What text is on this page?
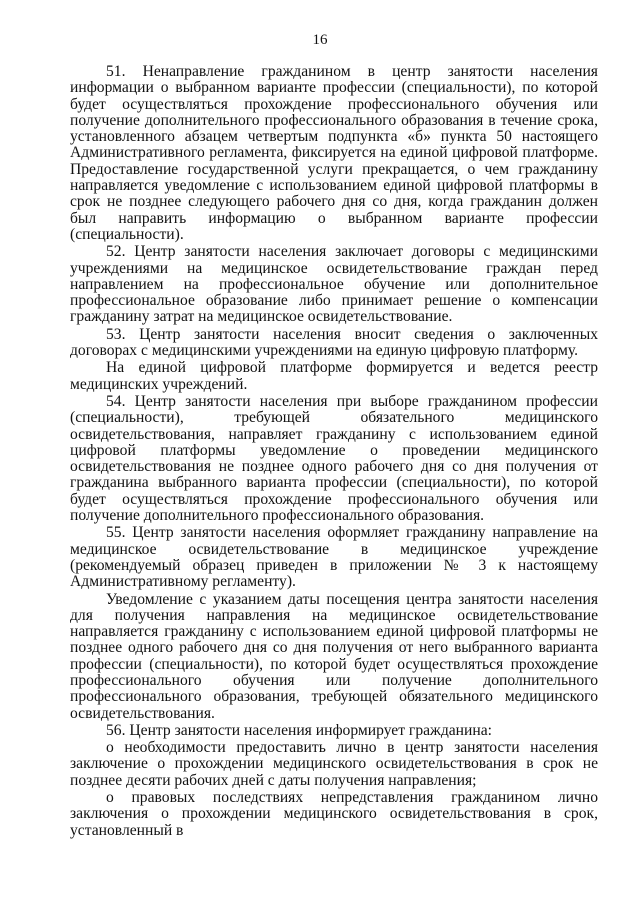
16

51. Ненаправление гражданином в центр занятости населения информации о выбранном варианте профессии (специальности), по которой будет осуществляться прохождение профессионального обучения или получение дополнительного профессионального образования в течение срока, установленного абзацем четвертым подпункта «б» пункта 50 настоящего Административного регламента, фиксируется на единой цифровой платформе. Предоставление государственной услуги прекращается, о чем гражданину направляется уведомление с использованием единой цифровой платформы в срок не позднее следующего рабочего дня со дня, когда гражданин должен был направить информацию о выбранном варианте профессии (специальности).

52. Центр занятости населения заключает договоры с медицинскими учреждениями на медицинское освидетельствование граждан перед направлением на профессиональное обучение или дополнительное профессиональное образование либо принимает решение о компенсации гражданину затрат на медицинское освидетельствование.

53. Центр занятости населения вносит сведения о заключенных договорах с медицинскими учреждениями на единую цифровую платформу.

На единой цифровой платформе формируется и ведется реестр медицинских учреждений.

54. Центр занятости населения при выборе гражданином профессии (специальности), требующей обязательного медицинского освидетельствования, направляет гражданину с использованием единой цифровой платформы уведомление о проведении медицинского освидетельствования не позднее одного рабочего дня со дня получения от гражданина выбранного варианта профессии (специальности), по которой будет осуществляться прохождение профессионального обучения или получение дополнительного профессионального образования.

55. Центр занятости населения оформляет гражданину направление на медицинское освидетельствование в медицинское учреждение (рекомендуемый образец приведен в приложении № 3 к настоящему Административному регламенту).

Уведомление с указанием даты посещения центра занятости населения для получения направления на медицинское освидетельствование направляется гражданину с использованием единой цифровой платформы не позднее одного рабочего дня со дня получения от него выбранного варианта профессии (специальности), по которой будет осуществляться прохождение профессионального обучения или получение дополнительного профессионального образования, требующей обязательного медицинского освидетельствования.

56. Центр занятости населения информирует гражданина:

о необходимости предоставить лично в центр занятости населения заключение о прохождении медицинского освидетельствования в срок не позднее десяти рабочих дней с даты получения направления;

о правовых последствиях непредставления гражданином лично заключения о прохождении медицинского освидетельствования в срок, установленный в
